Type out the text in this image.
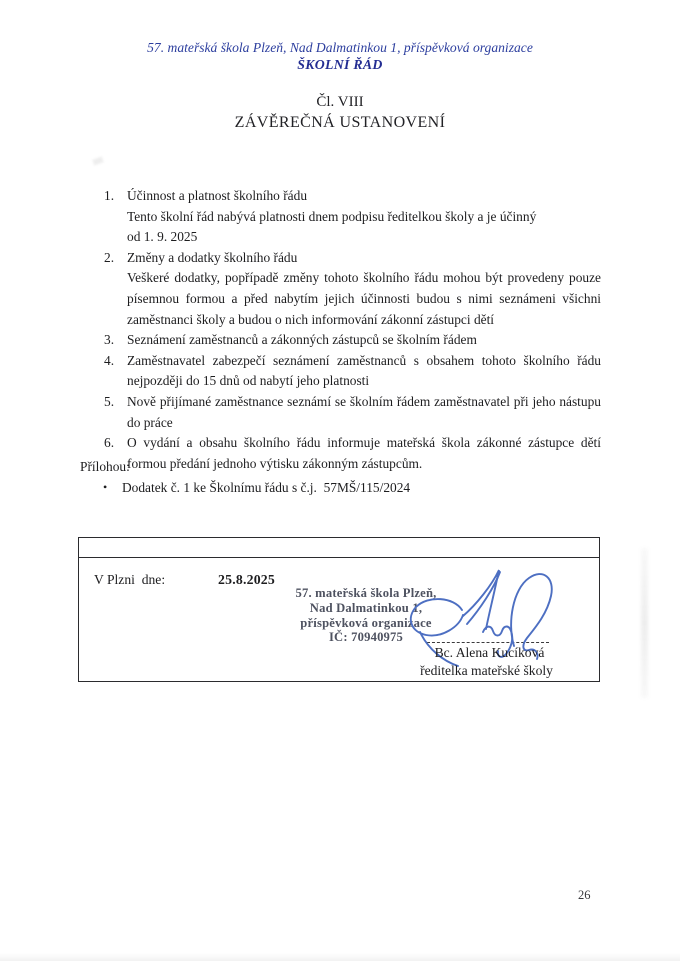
57. mateřská škola Plzeň, Nad Dalmatinkou 1, příspěvková organizace
ŠKOLNÍ ŘÁD
Čl. VIII
ZÁVĚREČNÁ USTANOVENÍ
1. Účinnost a platnost školního řádu
Tento školní řád nabývá platnosti dnem podpisu ředitelkou školy a je účinný
od 1. 9. 2025
2. Změny a dodatky školního řádu
Veškeré dodatky, popřípadě změny tohoto školního řádu mohou být provedeny pouze písemnou formou a před nabytím jejich účinnosti budou s nimi seznámeni všichni zaměstnanci školy a budou o nich informování zákonní zástupci dětí
3. Seznámení zaměstnanců a zákonných zástupců se školním řádem
4. Zaměstnavatel zabezpečí seznámení zaměstnanců s obsahem tohoto školního řádu nejpozději do 15 dnů od nabytí jeho platnosti
5. Nově přijímané zaměstnance seznámí se školním řádem zaměstnavatel při jeho nástupu do práce
6. O vydání a obsahu školního řádu informuje mateřská škola zákonné zástupce dětí formou předání jednoho výtisku zákonným zástupcům.
Přílohou:
• Dodatek č. 1 ke Školnímu řádu s č.j.  57MŠ/115/2024
V Plzni  dne:	25.8.2025
57. mateřská škola Plzeň,
Nad Dalmatinkou 1,
příspěvková organizace
IČ: 70940975
Bc. Alena Kucíková
ředitelka mateřské školy
26
